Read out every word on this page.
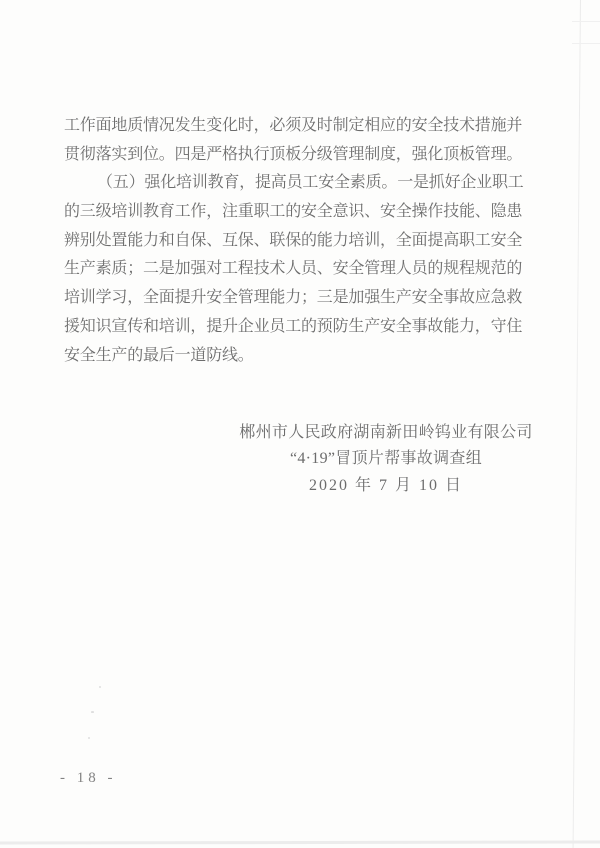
工作面地质情况发生变化时，必须及时制定相应的安全技术措施并
贯彻落实到位。四是严格执行顶板分级管理制度，强化顶板管理。
（五）强化培训教育，提高员工安全素质。一是抓好企业职工
的三级培训教育工作，注重职工的安全意识、安全操作技能、隐患
辨别处置能力和自保、互保、联保的能力培训，全面提高职工安全
生产素质；二是加强对工程技术人员、安全管理人员的规程规范的
培训学习，全面提升安全管理能力；三是加强生产安全事故应急救
援知识宣传和培训，提升企业员工的预防生产安全事故能力，守住
安全生产的最后一道防线。
郴州市人民政府湖南新田岭钨业有限公司
“4·19”冒顶片帮事故调查组
2020 年 7 月 10 日
- 18 -
